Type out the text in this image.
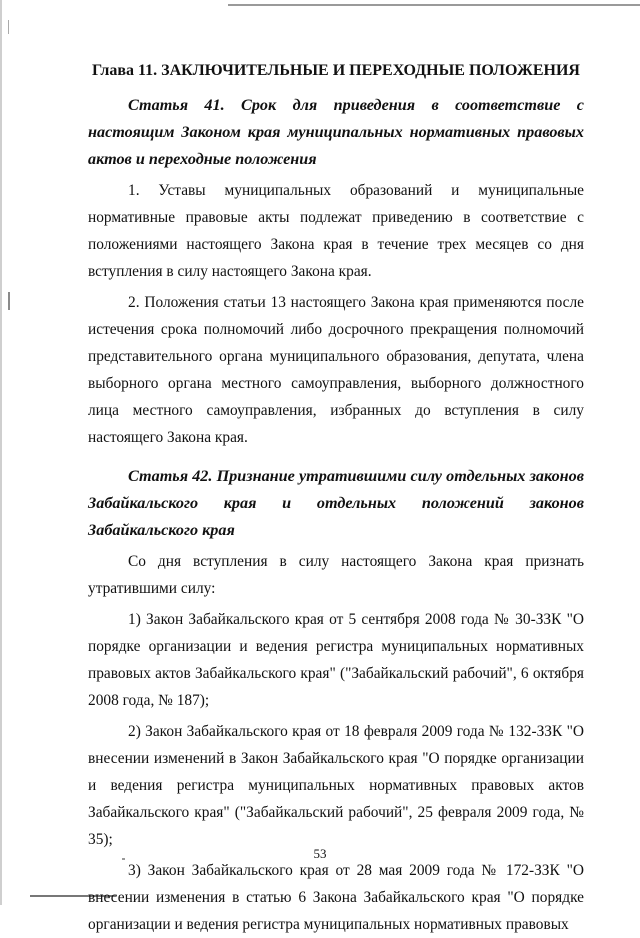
Глава 11. ЗАКЛЮЧИТЕЛЬНЫЕ И ПЕРЕХОДНЫЕ ПОЛОЖЕНИЯ

Статья 41. Срок для приведения в соответствие с настоящим Законом края муниципальных нормативных правовых актов и переходные положения

1. Уставы муниципальных образований и муниципальные нормативные правовые акты подлежат приведению в соответствие с положениями настоящего Закона края в течение трех месяцев со дня вступления в силу настоящего Закона края.

2. Положения статьи 13 настоящего Закона края применяются после истечения срока полномочий либо досрочного прекращения полномочий представительного органа муниципального образования, депутата, члена выборного органа местного самоуправления, выборного должностного лица местного самоуправления, избранных до вступления в силу настоящего Закона края.

Статья 42. Признание утратившими силу отдельных законов Забайкальского края и отдельных положений законов Забайкальского края

Со дня вступления в силу настоящего Закона края признать утратившими силу:

1) Закон Забайкальского края от 5 сентября 2008 года № 30-ЗЗК "О порядке организации и ведения регистра муниципальных нормативных правовых актов Забайкальского края" ("Забайкальский рабочий", 6 октября 2008 года, № 187);

2) Закон Забайкальского края от 18 февраля 2009 года № 132-ЗЗК "О внесении изменений в Закон Забайкальского края "О порядке организации и ведения регистра муниципальных нормативных правовых актов Забайкальского края" ("Забайкальский рабочий", 25 февраля 2009 года, № 35);

3) Закон Забайкальского края от 28 мая 2009 года № 172-ЗЗК "О внесении изменения в статью 6 Закона Забайкальского края "О порядке организации и ведения регистра муниципальных нормативных правовых

53
